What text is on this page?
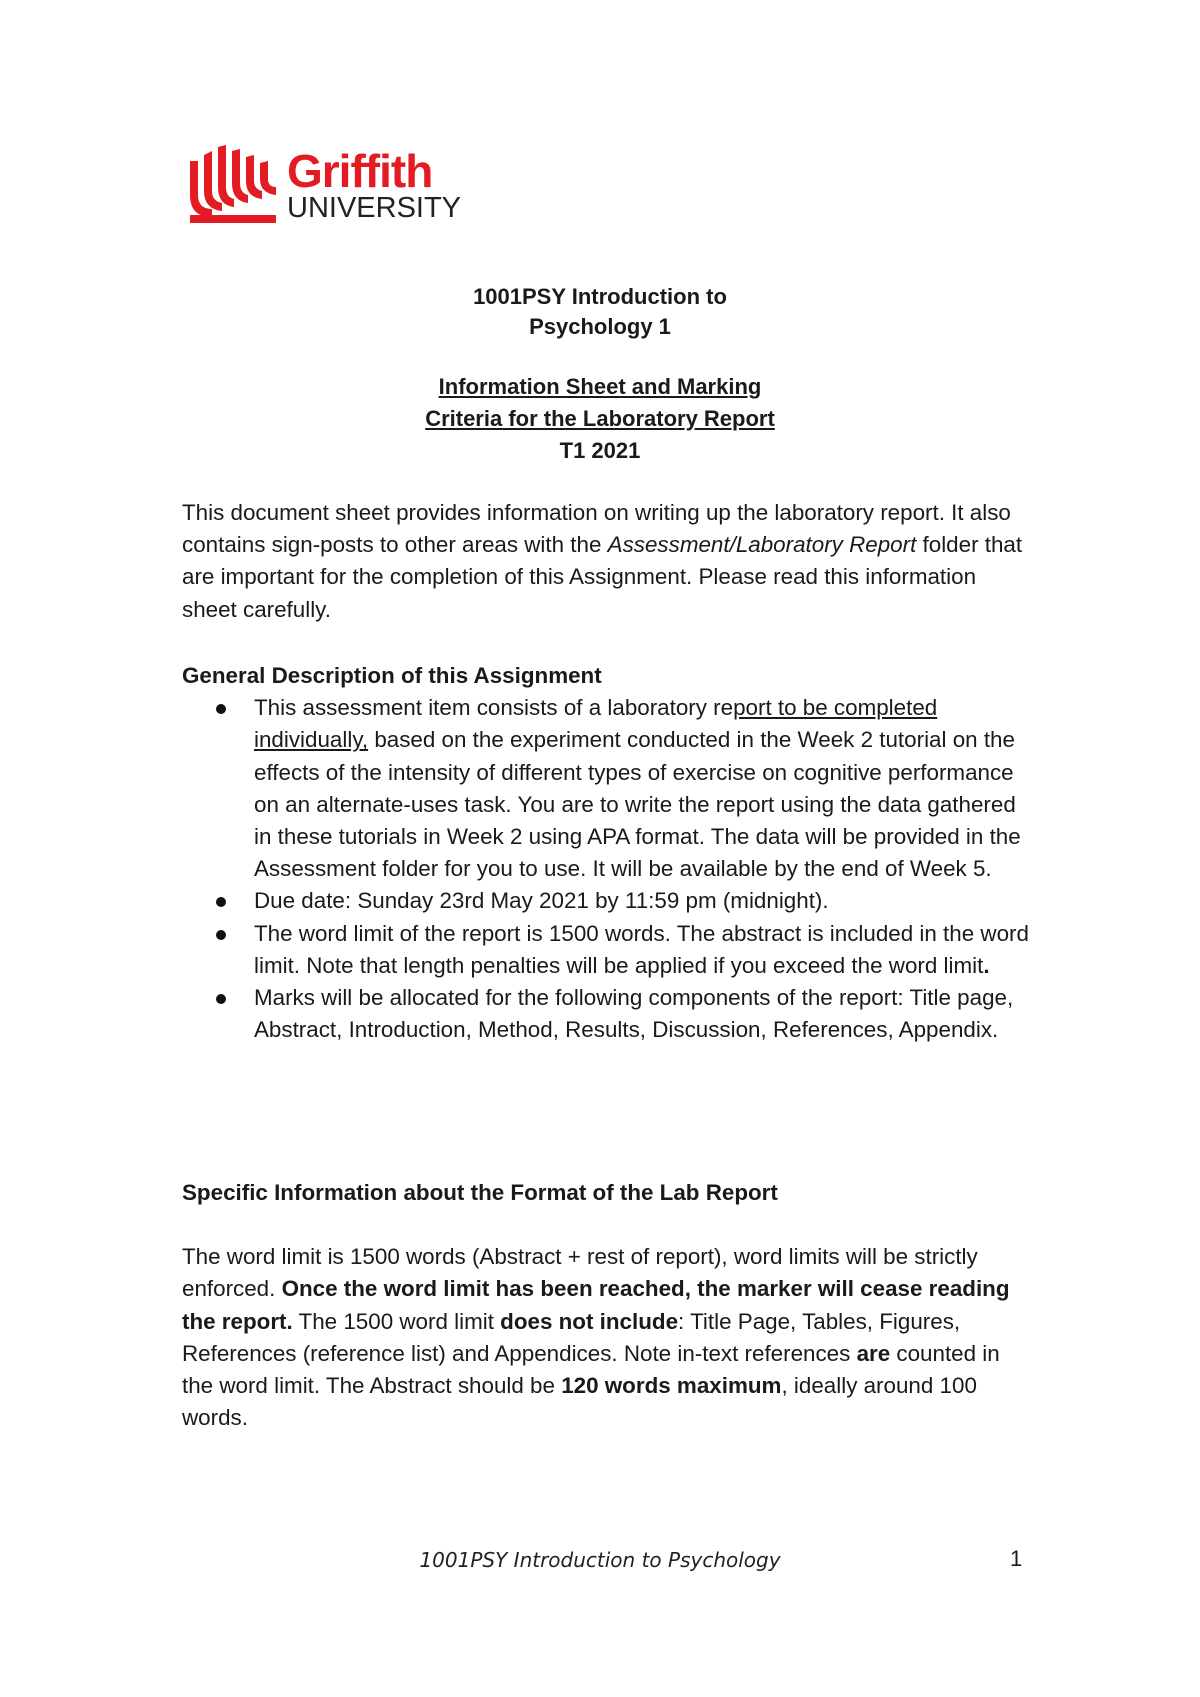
Griffith
UNIVERSITY
1001PSY Introduction to
Psychology 1
Information Sheet and Marking
Criteria for the Laboratory Report
T1 2021

This document sheet provides information on writing up the laboratory report. It also contains sign-posts to other areas with the Assessment/Laboratory Report folder that are important for the completion of this Assignment. Please read this information sheet carefully.

General Description of this Assignment

This assessment item consists of a laboratory report to be completed individually, based on the experiment conducted in the Week 2 tutorial on the effects of the intensity of different types of exercise on cognitive performance on an alternate-uses task. You are to write the report using the data gathered in these tutorials in Week 2 using APA format. The data will be provided in the Assessment folder for you to use. It will be available by the end of Week 5.
Due date: Sunday 23rd May 2021 by 11:59 pm (midnight).
The word limit of the report is 1500 words. The abstract is included in the word limit. Note that length penalties will be applied if you exceed the word limit.
Marks will be allocated for the following components of the report: Title page, Abstract, Introduction, Method, Results, Discussion, References, Appendix.

Specific Information about the Format of the Lab Report

The word limit is 1500 words (Abstract + rest of report), word limits will be strictly enforced. Once the word limit has been reached, the marker will cease reading the report. The 1500 word limit does not include: Title Page, Tables, Figures, References (reference list) and Appendices. Note in-text references are counted in the word limit. The Abstract should be 120 words maximum, ideally around 100 words.

1001PSY Introduction to Psychology	1
